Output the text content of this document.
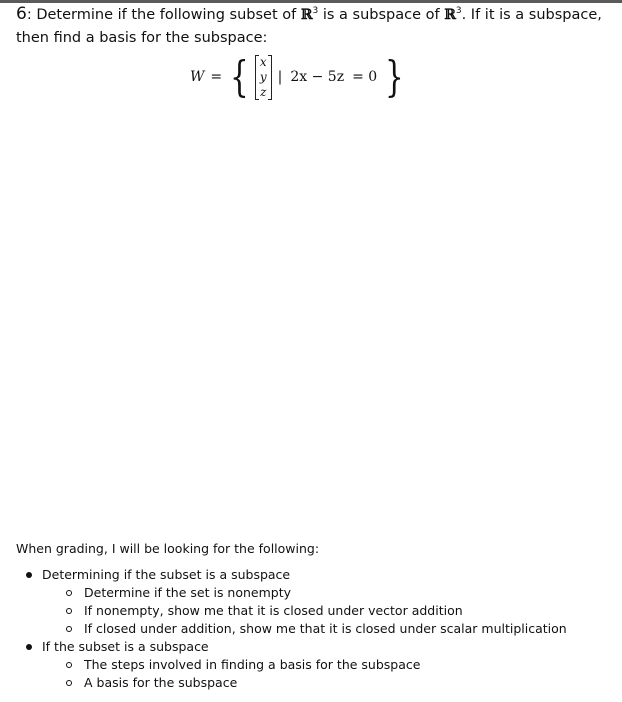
6: Determine if the following subset of ℝ$^3$ is a subspace of ℝ$^3$. If it is a subspace,
then find a basis for the subspace:
W = { x
y
z
| 2x − 5z = 0 }
When grading, I will be looking for the following:
Determining if the subset is a subspace
Determine if the set is nonempty
If nonempty, show me that it is closed under vector addition
If closed under addition, show me that it is closed under scalar multiplication
If the subset is a subspace
The steps involved in finding a basis for the subspace
A basis for the subspace
